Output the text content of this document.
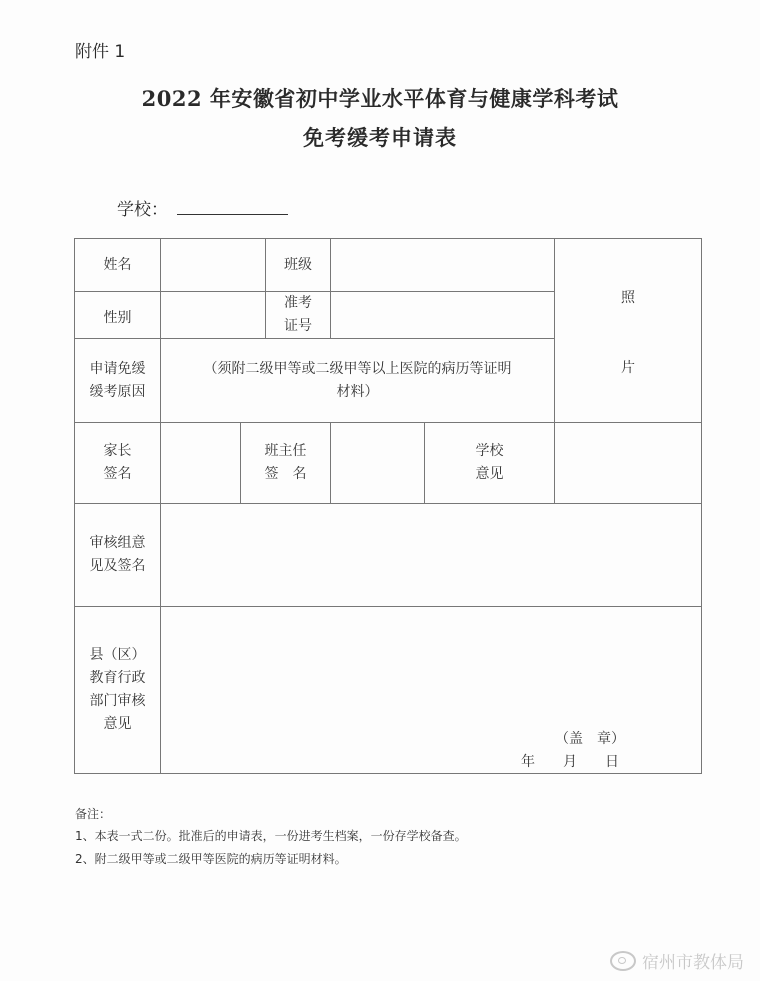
附件 1
2022 年安徽省初中学业水平体育与健康学科考试
免考缓考申请表
学校：
姓名	班级
性别
准考
证号
照
片
申请免缓
缓考原因
（须附二级甲等或二级甲等以上医院的病历等证明
材料）
家长
签名
班主任
签　名
学校
意见
审核组意
见及签名
县（区）
教育行政
部门审核
意见
（盖　章）
年　　月　　日
备注：
1、本表一式二份。批准后的申请表，一份进考生档案，一份存学校备查。
2、附二级甲等或二级甲等医院的病历等证明材料。
宿州市教体局
